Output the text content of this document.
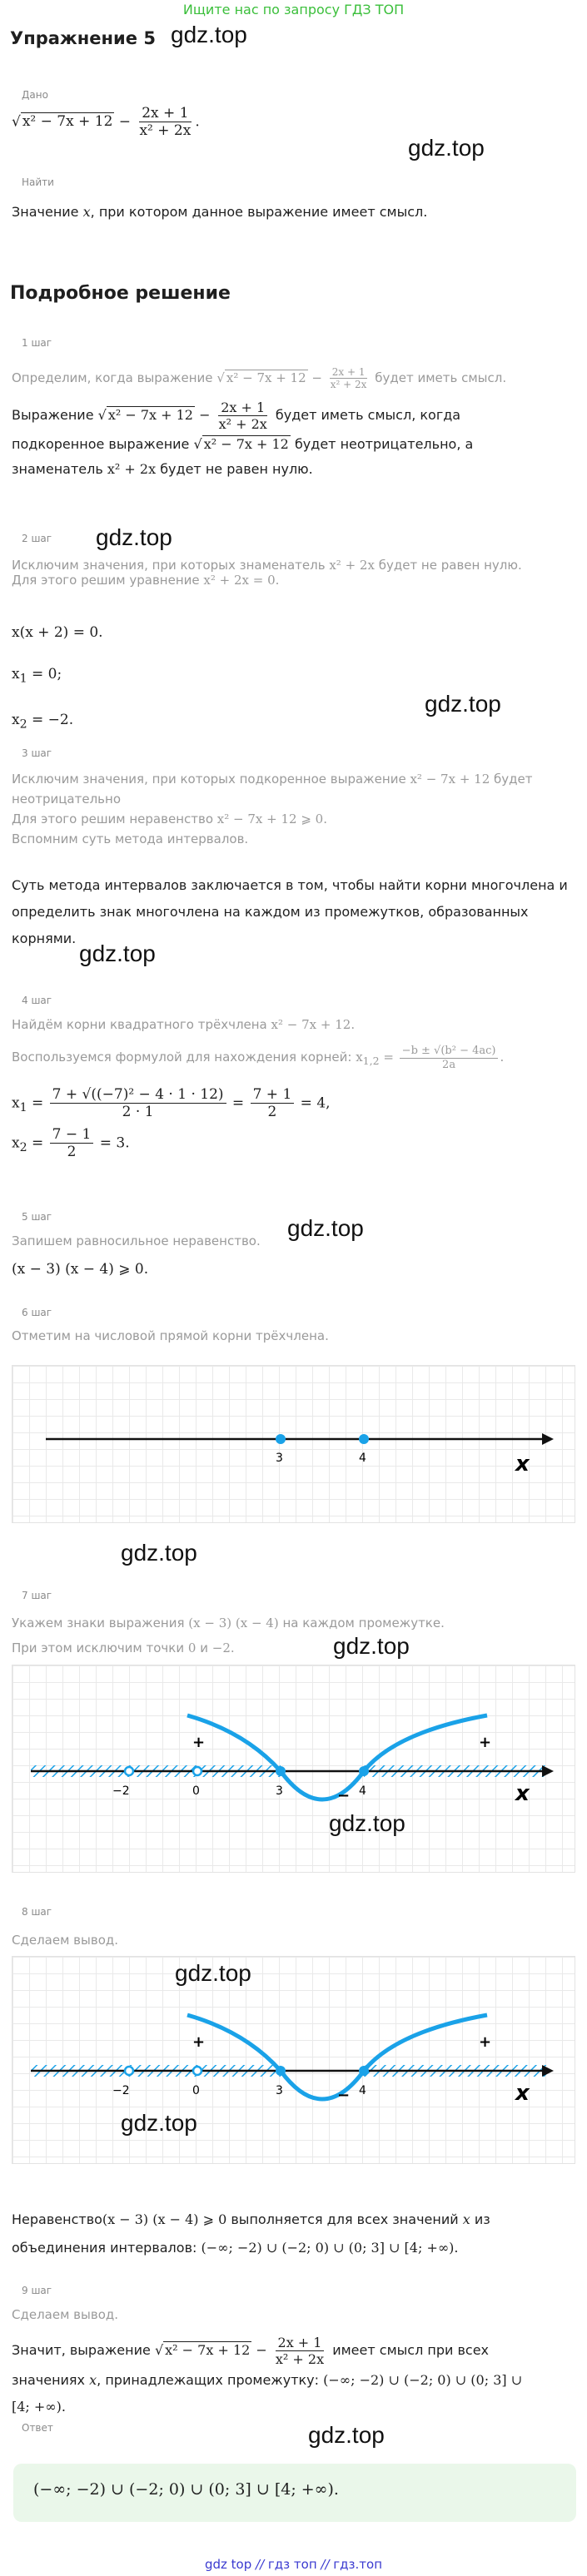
Ищите нас по запросу ГДЗ ТОП
Упражнение 5 gdz.top
Дано
√ $x^2 - 7x + 12 - \frac{2x + 1}{\text{x² + 2x}}$ .
gdz.top
Найти
Значение x, при котором данное выражение имеет смысл.
Подробное решение
1 шаг
Определим, когда выражение √ $x^2 - 7x + 12 - \frac{2x + 1}{\text{x² + 2x}}$ будет иметь смысл.
Выражение √ $x^2 - 7x + 12 - \frac{2x + 1}{\text{x² + 2x}}$ будет иметь смысл, когда
подкоренное выражение √ x² − 7x + 12 будет неотрицательно, а
знаменатель x² + 2x будет не равен нулю.
2 шаг gdz.top
Исключим значения, при которых знаменатель x² + 2x будет не равен нулю.
Для этого решим уравнение x² + 2x = 0.
x(x + 2) = 0.
$x_1 = 0$;
$x_2 = -2$.
gdz.top
3 шаг
Исключим значения, при которых подкоренное выражение x² − 7x + 12 будет
неотрицательно
Для этого решим неравенство x² − 7x + 12 ⩾ 0.
Вспомним суть метода интервалов.
Суть метода интервалов заключается в том, чтобы найти корни многочлена и
определить знак многочлена на каждом из промежутков, образованных
корнями.
gdz.top
4 шаг
Найдём корни квадратного трёхчлена x² − 7x + 12.
Воспользуемся формулой для нахождения корней: $x_{1,2} = \frac{\text{−b ± √(b² − 4ac)}}{2a}$ .
$x_1 = \frac{\text{7 + √((−7)² − 4 · 1 · 12)}}{2 \cdot 1} = \frac{7 + 1}{2} = 4$,
$x_2 = \frac{7 - 1}{2} = 3$.
gdz.top
5 шаг
Запишем равносильное неравенство.
(x − 3) (x − 4) ⩾ 0.
6 шаг
Отметим на числовой прямой корни трёхчлена.
3	4	x
gdz.top
7 шаг
Укажем знаки выражения (x − 3) (x − 4) на каждом промежутке.
При этом исключим точки 0 и −2.	gdz.top
−2	0	3	4
+	+
−	x
gdz.top
8 шаг
Сделаем вывод.
−2	0	3	4
+	+
−	x
gdz.top
gdz.top
Неравенство(x − 3) (x − 4) ⩾ 0 выполняется для всех значений x из
объединения интервалов: (−∞; −2) ∪ (−2; 0) ∪ (0; 3] ∪ [4; +∞).
9 шаг
Сделаем вывод.
Значит, выражение √ $x^2 - 7x + 12 - \frac{2x + 1}{\text{x² + 2x}}$ имеет смысл при всех
значениях x, принадлежащих промежутку: (−∞; −2) ∪ (−2; 0) ∪ (0; 3] ∪
[4; +∞).
Ответ	gdz.top
(−∞; −2) ∪ (−2; 0) ∪ (0; 3] ∪ [4; +∞).
gdz top // гдз топ // гдз.топ
